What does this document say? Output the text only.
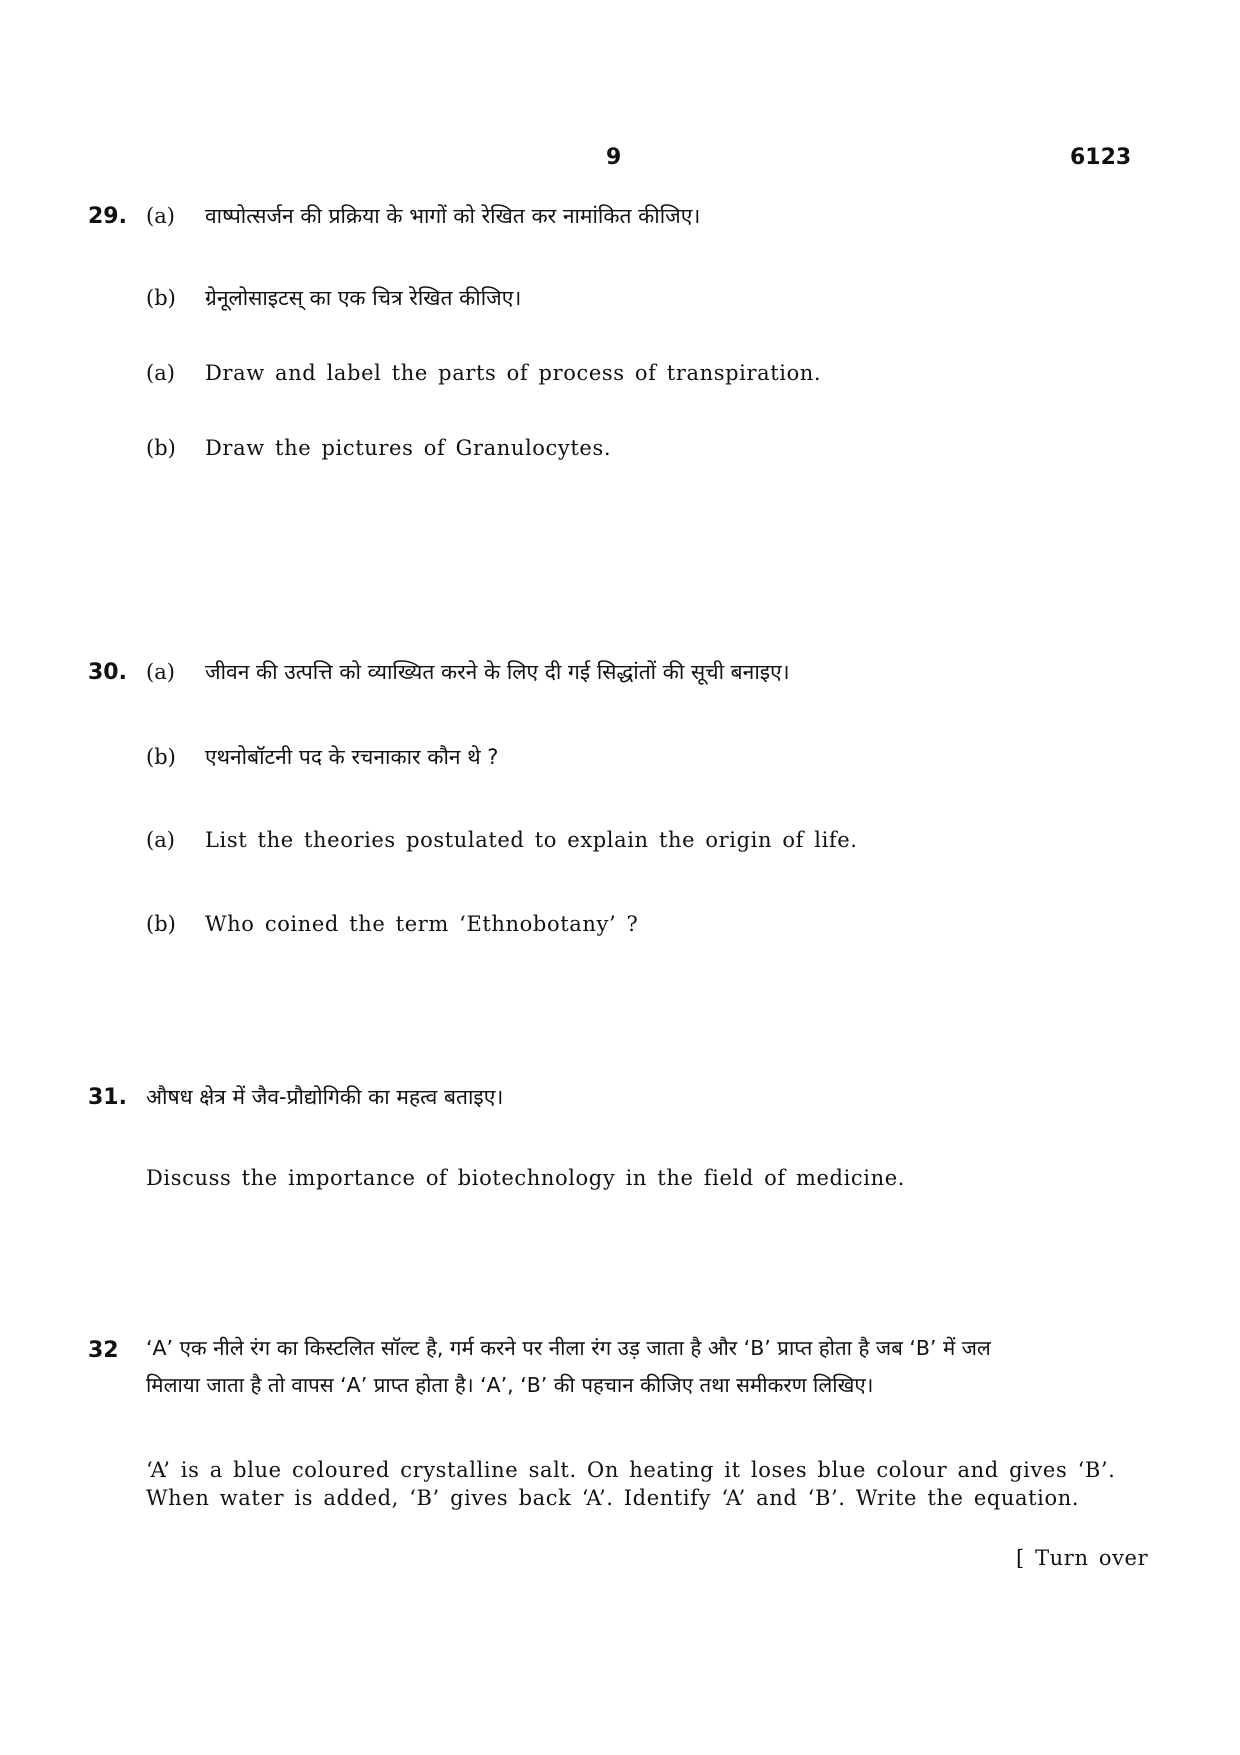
9	6123
29. (a) वाष्पोत्सर्जन की प्रक्रिया के भागों को रेखित कर नामांकित कीजिए।
(b) ग्रेनूलोसाइटस् का एक चित्र रेखित कीजिए।
(a) Draw and label the parts of process of transpiration.
(b) Draw the pictures of Granulocytes.
30. (a) जीवन की उत्पत्ति को व्याख्यित करने के लिए दी गई सिद्धांतों की सूची बनाइए।
(b) एथनोबॉटनी पद के रचनाकार कौन थे ?
(a) List the theories postulated to explain the origin of life.
(b) Who coined the term ‘Ethnobotany’ ?
31. औषध क्षेत्र में जैव-प्रौद्योगिकी का महत्व बताइए।
Discuss the importance of biotechnology in the field of medicine.
32 ‘A’ एक नीले रंग का किस्टलित सॉल्ट है, गर्म करने पर नीला रंग उड़ जाता है और ‘B’ प्राप्त होता है जब ‘B’ में जल
मिलाया जाता है तो वापस ‘A’ प्राप्त होता है। ‘A’, ‘B’ की पहचान कीजिए तथा समीकरण लिखिए।
‘A’ is a blue coloured crystalline salt. On heating it loses blue colour and gives ‘B’.
When water is added, ‘B’ gives back ‘A’. Identify ‘A’ and ‘B’. Write the equation.
[ Turn over
